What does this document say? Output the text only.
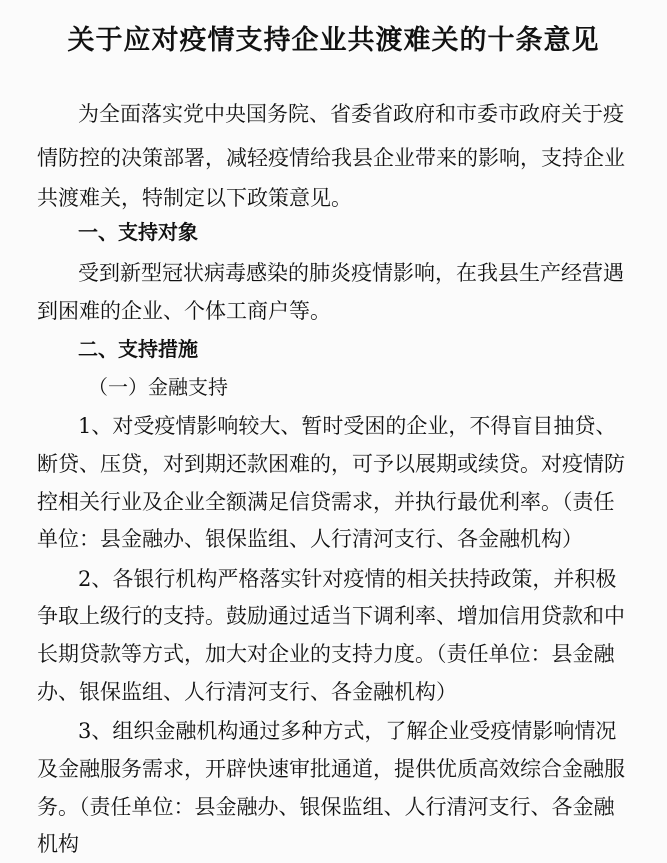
关于应对疫情支持企业共渡难关的十条意见

为全面落实党中央国务院、省委省政府和市委市政府关于疫

情防控的决策部署，减轻疫情给我县企业带来的影响，支持企业

共渡难关，特制定以下政策意见。

一、支持对象

受到新型冠状病毒感染的肺炎疫情影响，在我县生产经营遇

到困难的企业、个体工商户等。

二、支持措施

（一）金融支持

1、对受疫情影响较大、暂时受困的企业，不得盲目抽贷、

断贷、压贷，对到期还款困难的，可予以展期或续贷。对疫情防

控相关行业及企业全额满足信贷需求，并执行最优利率。（责任

单位：县金融办、银保监组、人行清河支行、各金融机构）

2、各银行机构严格落实针对疫情的相关扶持政策，并积极

争取上级行的支持。鼓励通过适当下调利率、增加信用贷款和中

长期贷款等方式，加大对企业的支持力度。（责任单位：县金融

办、银保监组、人行清河支行、各金融机构）

3、组织金融机构通过多种方式，了解企业受疫情影响情况

及金融服务需求，开辟快速审批通道，提供优质高效综合金融服

务。（责任单位：县金融办、银保监组、人行清河支行、各金融

机构
